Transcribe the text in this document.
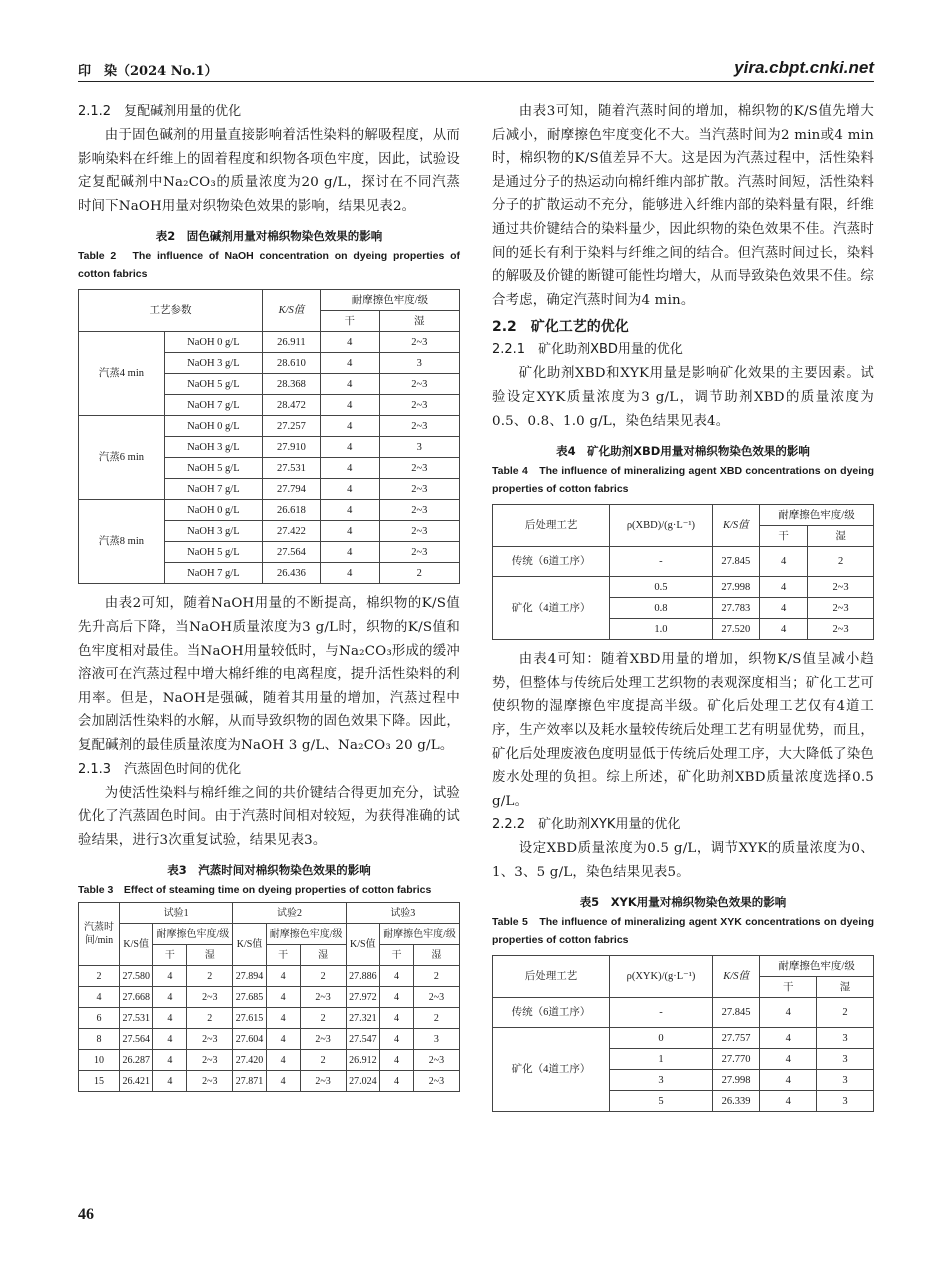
印　染（2024 No.1）	yira.cbpt.cnki.net
2.1.2　复配碱剂用量的优化

由于固色碱剂的用量直接影响着活性染料的解吸程度，从而影响染料在纤维上的固着程度和织物各项色牢度，因此，试验设定复配碱剂中Na₂CO₃的质量浓度为20 g/L，探讨在不同汽蒸时间下NaOH用量对织物染色效果的影响，结果见表2。

表2　固色碱剂用量对棉织物染色效果的影响
Table 2　The influence of NaOH concentration on dyeing properties of cotton fabrics
工艺参数		K/S值	耐摩擦色牢度/级	
			干	湿
汽蒸4 min	NaOH 0 g/L	26.911	4	2~3
	NaOH 3 g/L	28.610	4	3
	NaOH 5 g/L	28.368	4	2~3
	NaOH 7 g/L	28.472	4	2~3
汽蒸6 min	NaOH 0 g/L	27.257	4	2~3
	NaOH 3 g/L	27.910	4	3
	NaOH 5 g/L	27.531	4	2~3
	NaOH 7 g/L	27.794	4	2~3
汽蒸8 min	NaOH 0 g/L	26.618	4	2~3
	NaOH 3 g/L	27.422	4	2~3
	NaOH 5 g/L	27.564	4	2~3
	NaOH 7 g/L	26.436	4	2

由表2可知，随着NaOH用量的不断提高，棉织物的K/S值先升高后下降，当NaOH质量浓度为3 g/L时，织物的K/S值和色牢度相对最佳。当NaOH用量较低时，与Na₂CO₃形成的缓冲溶液可在汽蒸过程中增大棉纤维的电离程度，提升活性染料的利用率。但是，NaOH是强碱，随着其用量的增加，汽蒸过程中会加剧活性染料的水解，从而导致织物的固色效果下降。因此，复配碱剂的最佳质量浓度为NaOH 3 g/L、Na₂CO₃ 20 g/L。

2.1.3　汽蒸固色时间的优化

为使活性染料与棉纤维之间的共价键结合得更加充分，试验优化了汽蒸固色时间。由于汽蒸时间相对较短，为获得准确的试验结果，进行3次重复试验，结果见表3。

表3　汽蒸时间对棉织物染色效果的影响
Table 3　Effect of steaming time on dyeing properties of cotton fabrics
汽蒸时间/min	试验1			试验2			试验3		
	K/S值	耐摩擦色牢度/级		K/S值	耐摩擦色牢度/级		K/S值	耐摩擦色牢度/级	
		干	湿		干	湿		干	湿
2	27.580	4	2	27.894	4	2	27.886	4	2
4	27.668	4	2~3	27.685	4	2~3	27.972	4	2~3
6	27.531	4	2	27.615	4	2	27.321	4	2
8	27.564	4	2~3	27.604	4	2~3	27.547	4	3
10	26.287	4	2~3	27.420	4	2	26.912	4	2~3
15	26.421	4	2~3	27.871	4	2~3	27.024	4	2~3

由表3可知，随着汽蒸时间的增加，棉织物的K/S值先增大后减小，耐摩擦色牢度变化不大。当汽蒸时间为2 min或4 min时，棉织物的K/S值差异不大。这是因为汽蒸过程中，活性染料是通过分子的热运动向棉纤维内部扩散。汽蒸时间短，活性染料分子的扩散运动不充分，能够进入纤维内部的染料量有限，纤维通过共价键结合的染料量少，因此织物的染色效果不佳。汽蒸时间的延长有利于染料与纤维之间的结合。但汽蒸时间过长，染料的解吸及价键的断键可能性均增大，从而导致染色效果不佳。综合考虑，确定汽蒸时间为4 min。

2.2　矿化工艺的优化
2.2.1　矿化助剂XBD用量的优化

矿化助剂XBD和XYK用量是影响矿化效果的主要因素。试验设定XYK质量浓度为3 g/L，调节助剂XBD的质量浓度为0.5、0.8、1.0 g/L，染色结果见表4。

表4　矿化助剂XBD用量对棉织物染色效果的影响
Table 4　The influence of mineralizing agent XBD concentrations on dyeing properties of cotton fabrics
后处理工艺	ρ(XBD)/(g·L⁻¹)	K/S值	耐摩擦色牢度/级	
			干	湿
传统（6道工序）	-	27.845	4	2
矿化（4道工序）	0.5	27.998	4	2~3
	0.8	27.783	4	2~3
	1.0	27.520	4	2~3

由表4可知：随着XBD用量的增加，织物K/S值呈减小趋势，但整体与传统后处理工艺织物的表观深度相当；矿化工艺可使织物的湿摩擦色牢度提高半级。矿化后处理工艺仅有4道工序，生产效率以及耗水量较传统后处理工艺有明显优势，而且，矿化后处理废液色度明显低于传统后处理工序，大大降低了染色废水处理的负担。综上所述，矿化助剂XBD质量浓度选择0.5 g/L。

2.2.2　矿化助剂XYK用量的优化

设定XBD质量浓度为0.5 g/L，调节XYK的质量浓度为0、1、3、5 g/L，染色结果见表5。

表5　XYK用量对棉织物染色效果的影响
Table 5　The influence of mineralizing agent XYK concentrations on dyeing properties of cotton fabrics
后处理工艺	ρ(XYK)/(g·L⁻¹)	K/S值	耐摩擦色牢度/级	
			干	湿
传统（6道工序）	-	27.845	4	2
矿化（4道工序）	0	27.757	4	3
	1	27.770	4	3
	3	27.998	4	3
	5	26.339	4	3
46
